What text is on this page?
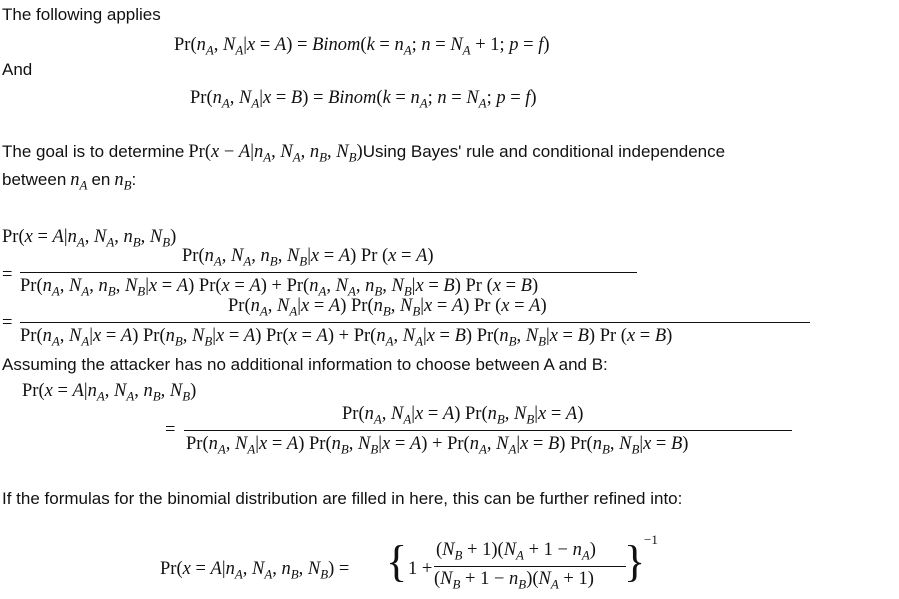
The following applies
$Pr(n_A$, $N_A|x = A$) = Binom(k = $n_A$; $n = N_A + 1$; p = f)
And
$Pr(n_A$, $N_A|x = B$) = Binom(k = $n_A$; $n = N_A$; p = f)
The goal is to determine $Pr(x - A|n_A$, $N_A$, $n_B$, $N_B)Using$ Bayes' rule and conditional independence
between $n_A$ en $n_B$:
$Pr(x = A|n_A$, $N_A$, $n_B$, $N_B$)
$Pr(n_A$, $N_A$, $n_B$, $N_B|x = A$) Pr (x = A)
=
$Pr(n_A$, $N_A$, $n_B$, $N_B|x = A$) $Pr(x = A) + Pr(n_A$, $N_A$, $n_B$, $N_B|x = B$) Pr (x = B)
$Pr(n_A$, $N_A|x = A$) $Pr(n_B$, $N_B|x = A$) Pr (x = A)
=
$Pr(n_A$, $N_A|x = A$) $Pr(n_B$, $N_B|x = A$) $Pr(x = A) + Pr(n_A$, $N_A|x = B$) $Pr(n_B$, $N_B|x = B$) Pr (x = B)
Assuming the attacker has no additional information to choose between A and B:
$Pr(x = A|n_A$, $N_A$, $n_B$, $N_B$)
$Pr(n_A$, $N_A|x = A$) $Pr(n_B$, $N_B|x = A$)
=
$Pr(n_A$, $N_A|x = A$) $Pr(n_B$, $N_B|x = A) + Pr(n_A$, $N_A|x = B$) $Pr(n_B$, $N_B|x = B$)
If the formulas for the binomial distribution are filled in here, this can be further refined into:
$Pr(x = A|n_A$, $N_A$, $n_B$, $N_B$) = { 1 +
$(N_B + 1)(N_A + 1 - n_A)$
$(N_B + 1 - n_B)(N_A + 1)$ }
−1
